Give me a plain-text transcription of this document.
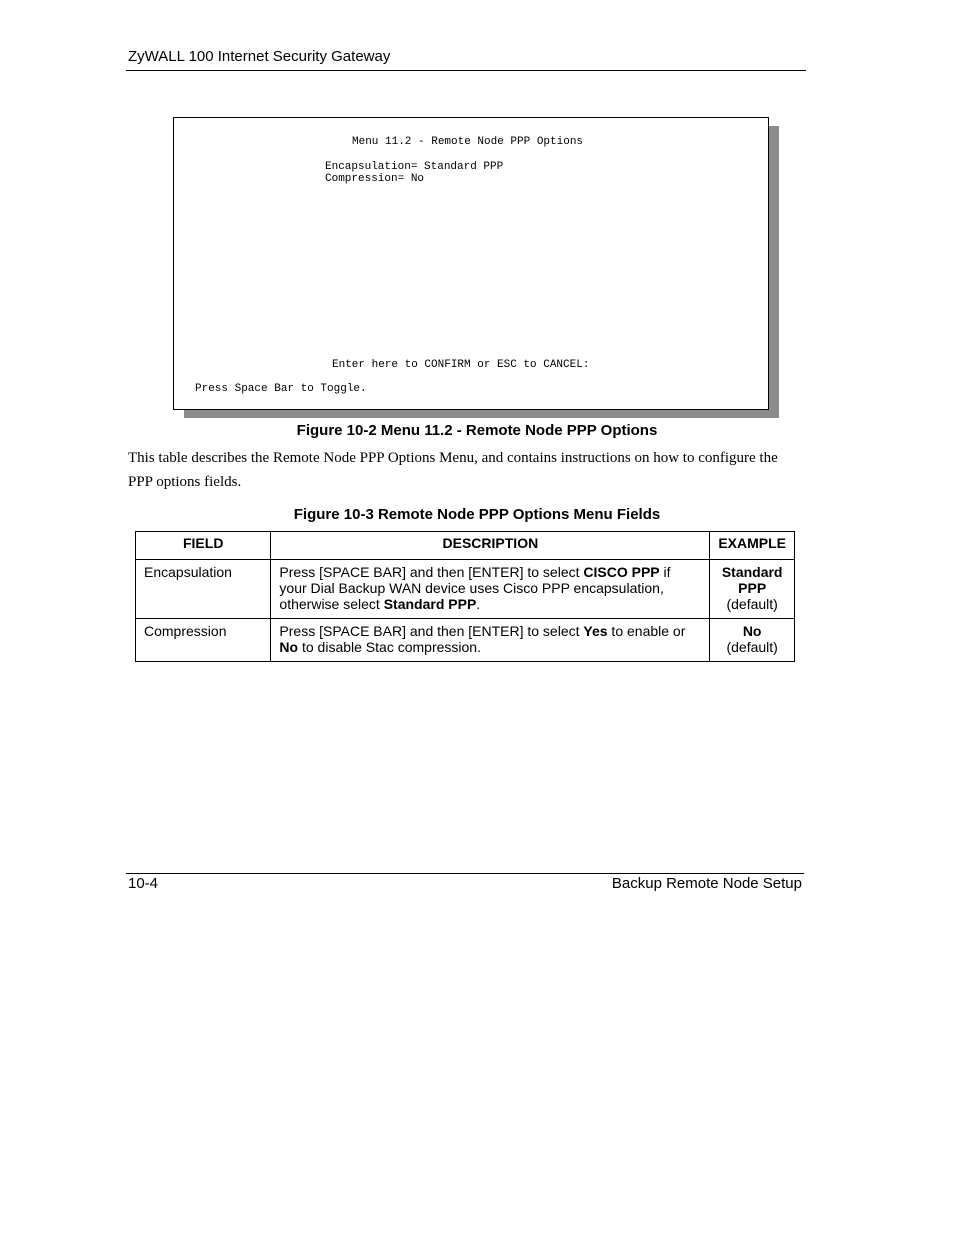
ZyWALL 100 Internet Security Gateway
Menu 11.2 - Remote Node PPP Options
Encapsulation= Standard PPP
Compression= No
Enter here to CONFIRM or ESC to CANCEL:
Press Space Bar to Toggle.
Figure 10-2 Menu 11.2 - Remote Node PPP Options
This table describes the Remote Node PPP Options Menu, and contains instructions on how to configure the PPP options fields.
Figure 10-3 Remote Node PPP Options Menu Fields
FIELD	DESCRIPTION	EXAMPLE
Encapsulation	Press [SPACE BAR] and then [ENTER] to select CISCO PPP if your Dial Backup WAN device uses Cisco PPP encapsulation, otherwise select Standard PPP.	Standard PPP
(default)
Compression	Press [SPACE BAR] and then [ENTER] to select Yes to enable or No to disable Stac compression.	No
(default)
10-4	Backup Remote Node Setup
